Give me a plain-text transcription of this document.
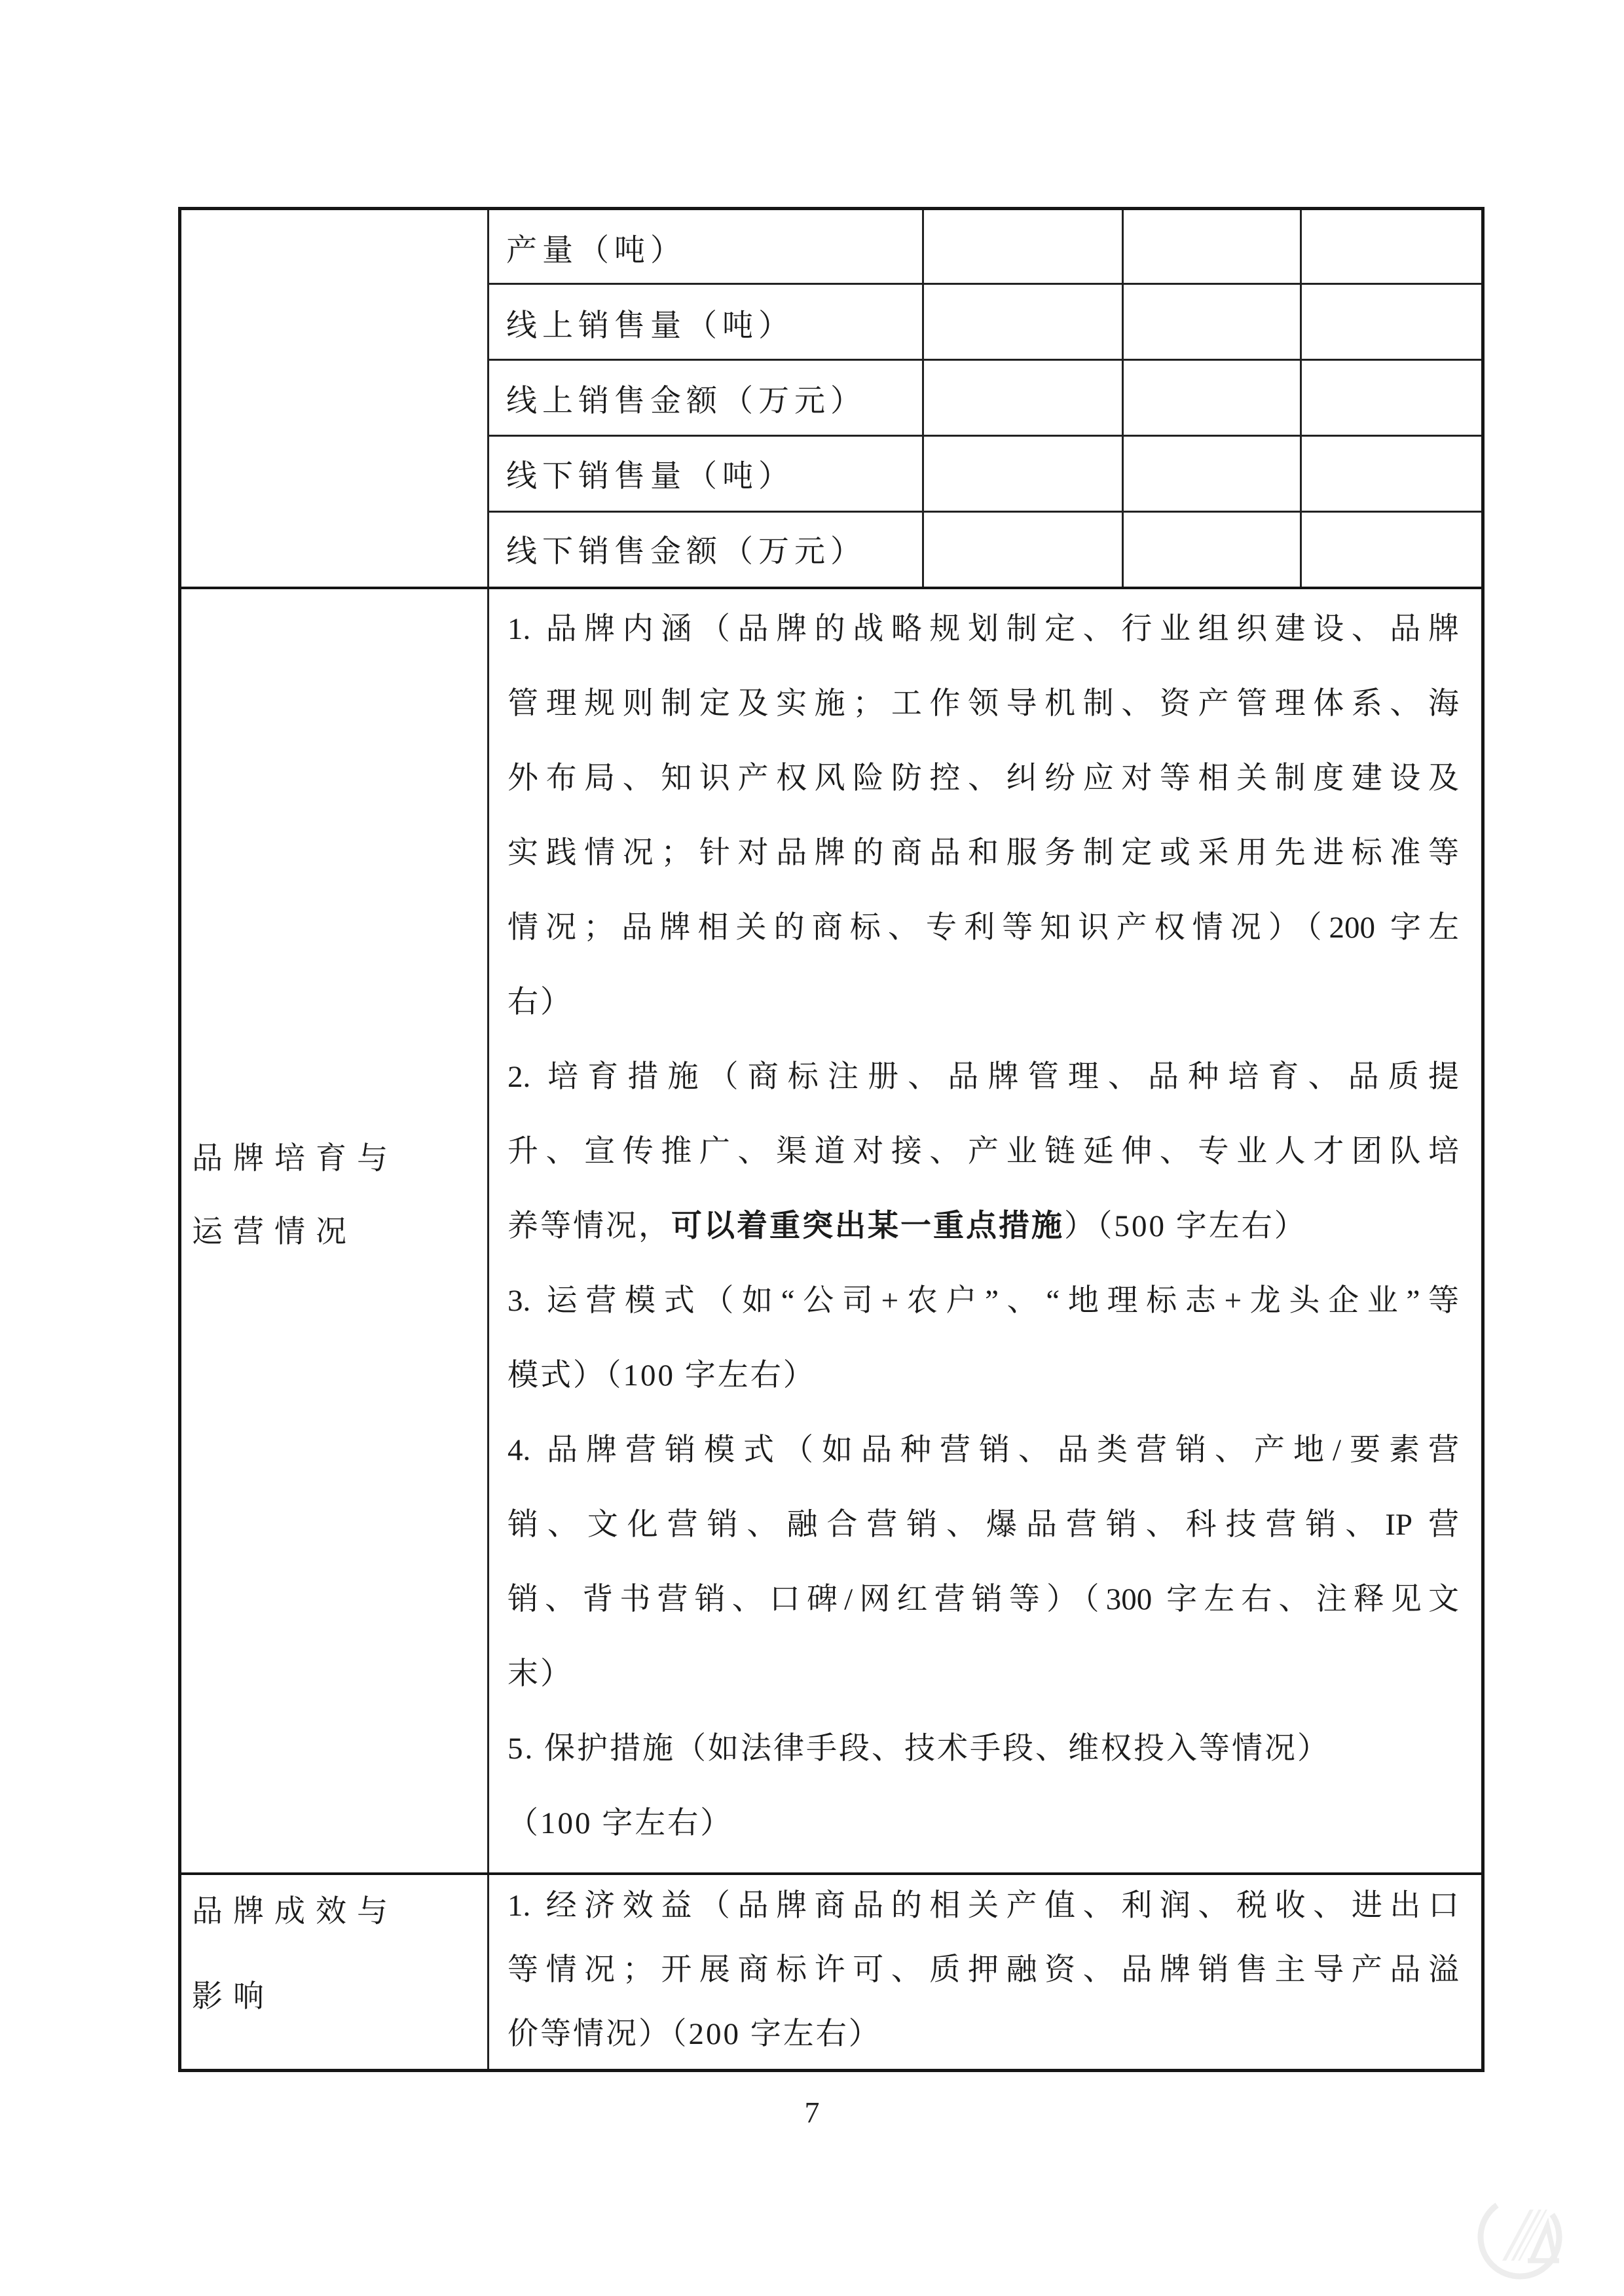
产量（吨）
线上销售量（吨）
线上销售金额（万元）
线下销售量（吨）
线下销售金额（万元）
品牌培育与
运营情况
1. 品牌内涵（品牌的战略规划制定、行业组织建设、品牌
管理规则制定及实施；工作领导机制、资产管理体系、海
外布局、知识产权风险防控、纠纷应对等相关制度建设及
实践情况；针对品牌的商品和服务制定或采用先进标准等
情况；品牌相关的商标、专利等知识产权情况）（200 字左
右）
2. 培育措施（商标注册、品牌管理、品种培育、品质提
升、宣传推广、渠道对接、产业链延伸、专业人才团队培
养等情况，可以着重突出某一重点措施）（500 字左右）
3. 运营模式（如“公司+农户”、“地理标志+龙头企业”等
模式）（100 字左右）
4. 品牌营销模式（如品种营销、品类营销、产地/要素营
销、文化营销、融合营销、爆品营销、科技营销、IP 营
销、背书营销、口碑/网红营销等）（300 字左右、注释见文
末）
5. 保护措施（如法律手段、技术手段、维权投入等情况）
（100 字左右）
品牌成效与
影响
1. 经济效益（品牌商品的相关产值、利润、税收、进出口
等情况；开展商标许可、质押融资、品牌销售主导产品溢
价等情况）（200 字左右）
7
